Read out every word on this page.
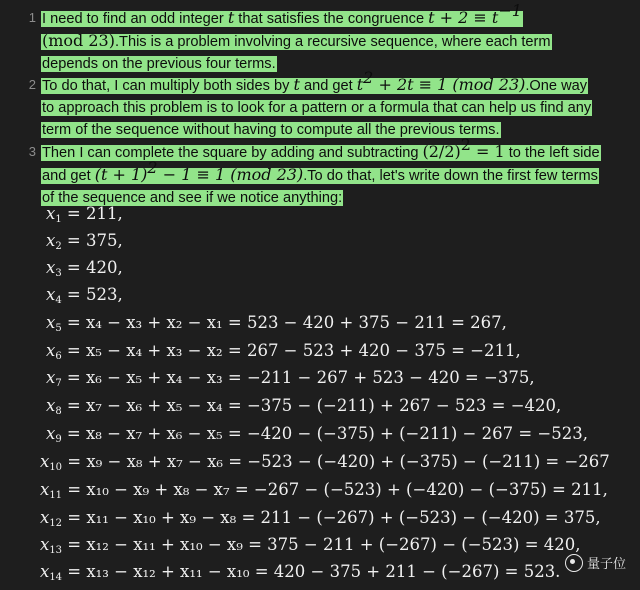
1 I need to find an odd integer t that satisfies the congruence $t + 2 \equiv t^{-1}$
(mod 23).This is a problem involving a recursive sequence, where each term depends on the previous four terms.
2 To do that, I can multiply both sides by t and get $t^2 + 2t \equiv 1$ (mod 23).One way to approach this problem is to look for a pattern or a formula that can help us find any term of the sequence without having to compute all the previous terms.
3 Then I can complete the square by adding and subtracting $(2/2)^2 = 1$ to the left side and get $(t + 1)^2 - 1 \equiv 1$ (mod 23).To do that, let's write down the first few terms of the sequence and see if we notice anything:
$x_1 = 211$,
$x_2 = 375$,
$x_3 = 420$,
$x_4 = 523$,
$x_5 = x_4 - x_3 + x_2 - x_1 = 523 - 420 + 375 - 211 = 267$,
$x_6 = x_5 - x_4 + x_3 - x_2 = 267 - 523 + 420 - 375 = -211$,
$x_7 = x_6 - x_5 + x_4 - x_3 = -211 - 267 + 523 - 420 = -375$,
$x_8 = x_7 - x_6 + x_5 - x_4 = -375 - (-211) + 267 - 523 = -420$,
$x_9 = x_8 - x_7 + x_6 - x_5 = -420 - (-375) + (-211) - 267 = -523$,
$x_{10} = x_9 - x_8 + x_7 - x_6 = -523 - (-420) + (-375) - (-211) = -267$
$x_{11} = x_{10} - x_9 + x_8 - x_7 = -267 - (-523) + (-420) - (-375) = 211$,
$x_{12} = x_{11} - x_{10} + x_9 - x_8 = 211 - (-267) + (-523) - (-420) = 375$,
$x_{13} = x_{12} - x_{11} + x_{10} - x_9 = 375 - 211 + (-267) - (-523) = 420$,
$x_{14} = x_{13} - x_{12} + x_{11} - x_{10} = 420 - 375 + 211 - (-267) = 523$. 量子位
